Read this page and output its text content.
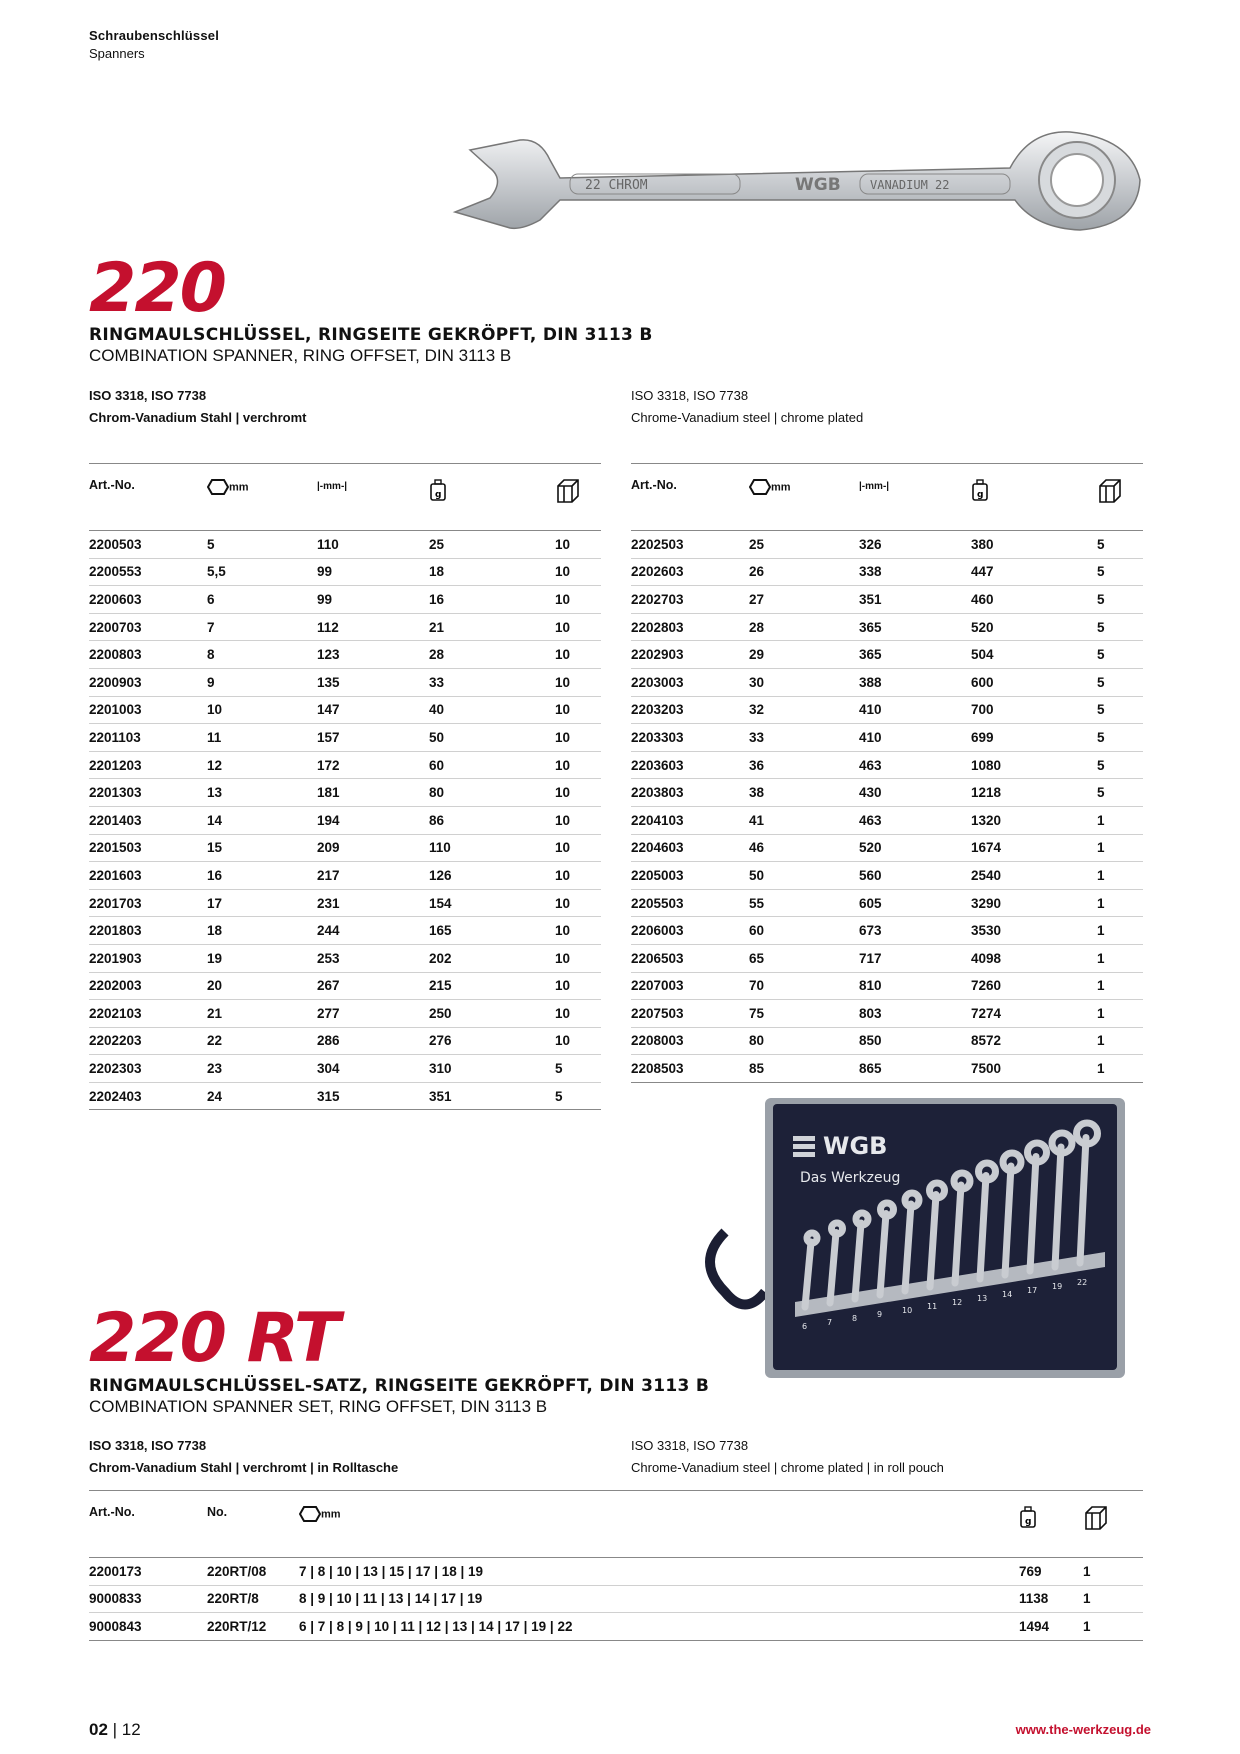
Schraubenschlüssel
Spanners
22 CHROM	WGB VANADIUM 22
220
RINGMAULSCHLÜSSEL, RINGSEITE GEKRÖPFT, DIN 3113 B
COMBINATION SPANNER, RING OFFSET, DIN 3113 B
ISO 3318, ISO 7738
Chrom-Vanadium Stahl | verchromt
ISO 3318, ISO 7738
Chrome-Vanadium steel | chrome plated
Art.-No.	mm	|-mm-|	g

2200503	5	110	25	10
2200553	5,5	99	18	10
2200603	6	99	16	10
2200703	7	112	21	10
2200803	8	123	28	10
2200903	9	135	33	10
2201003	10	147	40	10
2201103	11	157	50	10
2201203	12	172	60	10
2201303	13	181	80	10
2201403	14	194	86	10
2201503	15	209	110	10
2201603	16	217	126	10
2201703	17	231	154	10
2201803	18	244	165	10
2201903	19	253	202	10
2202003	20	267	215	10
2202103	21	277	250	10
2202203	22	286	276	10
2202303	23	304	310	5
2202403	24	315	351	5
Art.-No.	mm	|-mm-|	g

2202503	25	326	380	5
2202603	26	338	447	5
2202703	27	351	460	5
2202803	28	365	520	5
2202903	29	365	504	5
2203003	30	388	600	5
2203203	32	410	700	5
2203303	33	410	699	5
2203603	36	463	1080	5
2203803	38	430	1218	5
2204103	41	463	1320	1
2204603	46	520	1674	1
2205003	50	560	2540	1
2205503	55	605	3290	1
2206003	60	673	3530	1
2206503	65	717	4098	1
2207003	70	810	7260	1
2207503	75	803	7274	1
2208003	80	850	8572	1
2208503	85	865	7500	1
WGB
Das Werkzeug
6 7 8 9 10 11 12 13 14 17 19 22
220 RT
RINGMAULSCHLÜSSEL-SATZ, RINGSEITE GEKRÖPFT, DIN 3113 B
COMBINATION SPANNER SET, RING OFFSET, DIN 3113 B
ISO 3318, ISO 7738
Chrom-Vanadium Stahl | verchromt | in Rolltasche
ISO 3318, ISO 7738
Chrome-Vanadium steel | chrome plated | in roll pouch
Art.-No.	No.	mm	g

2200173	220RT/08	7 | 8 | 10 | 13 | 15 | 17 | 18 | 19	769	1
9000833	220RT/8	8 | 9 | 10 | 11 | 13 | 14 | 17 | 19	1138	1
9000843	220RT/12	6 | 7 | 8 | 9 | 10 | 11 | 12 | 13 | 14 | 17 | 19 | 22	1494	1
02 | 12	www.the-werkzeug.de
